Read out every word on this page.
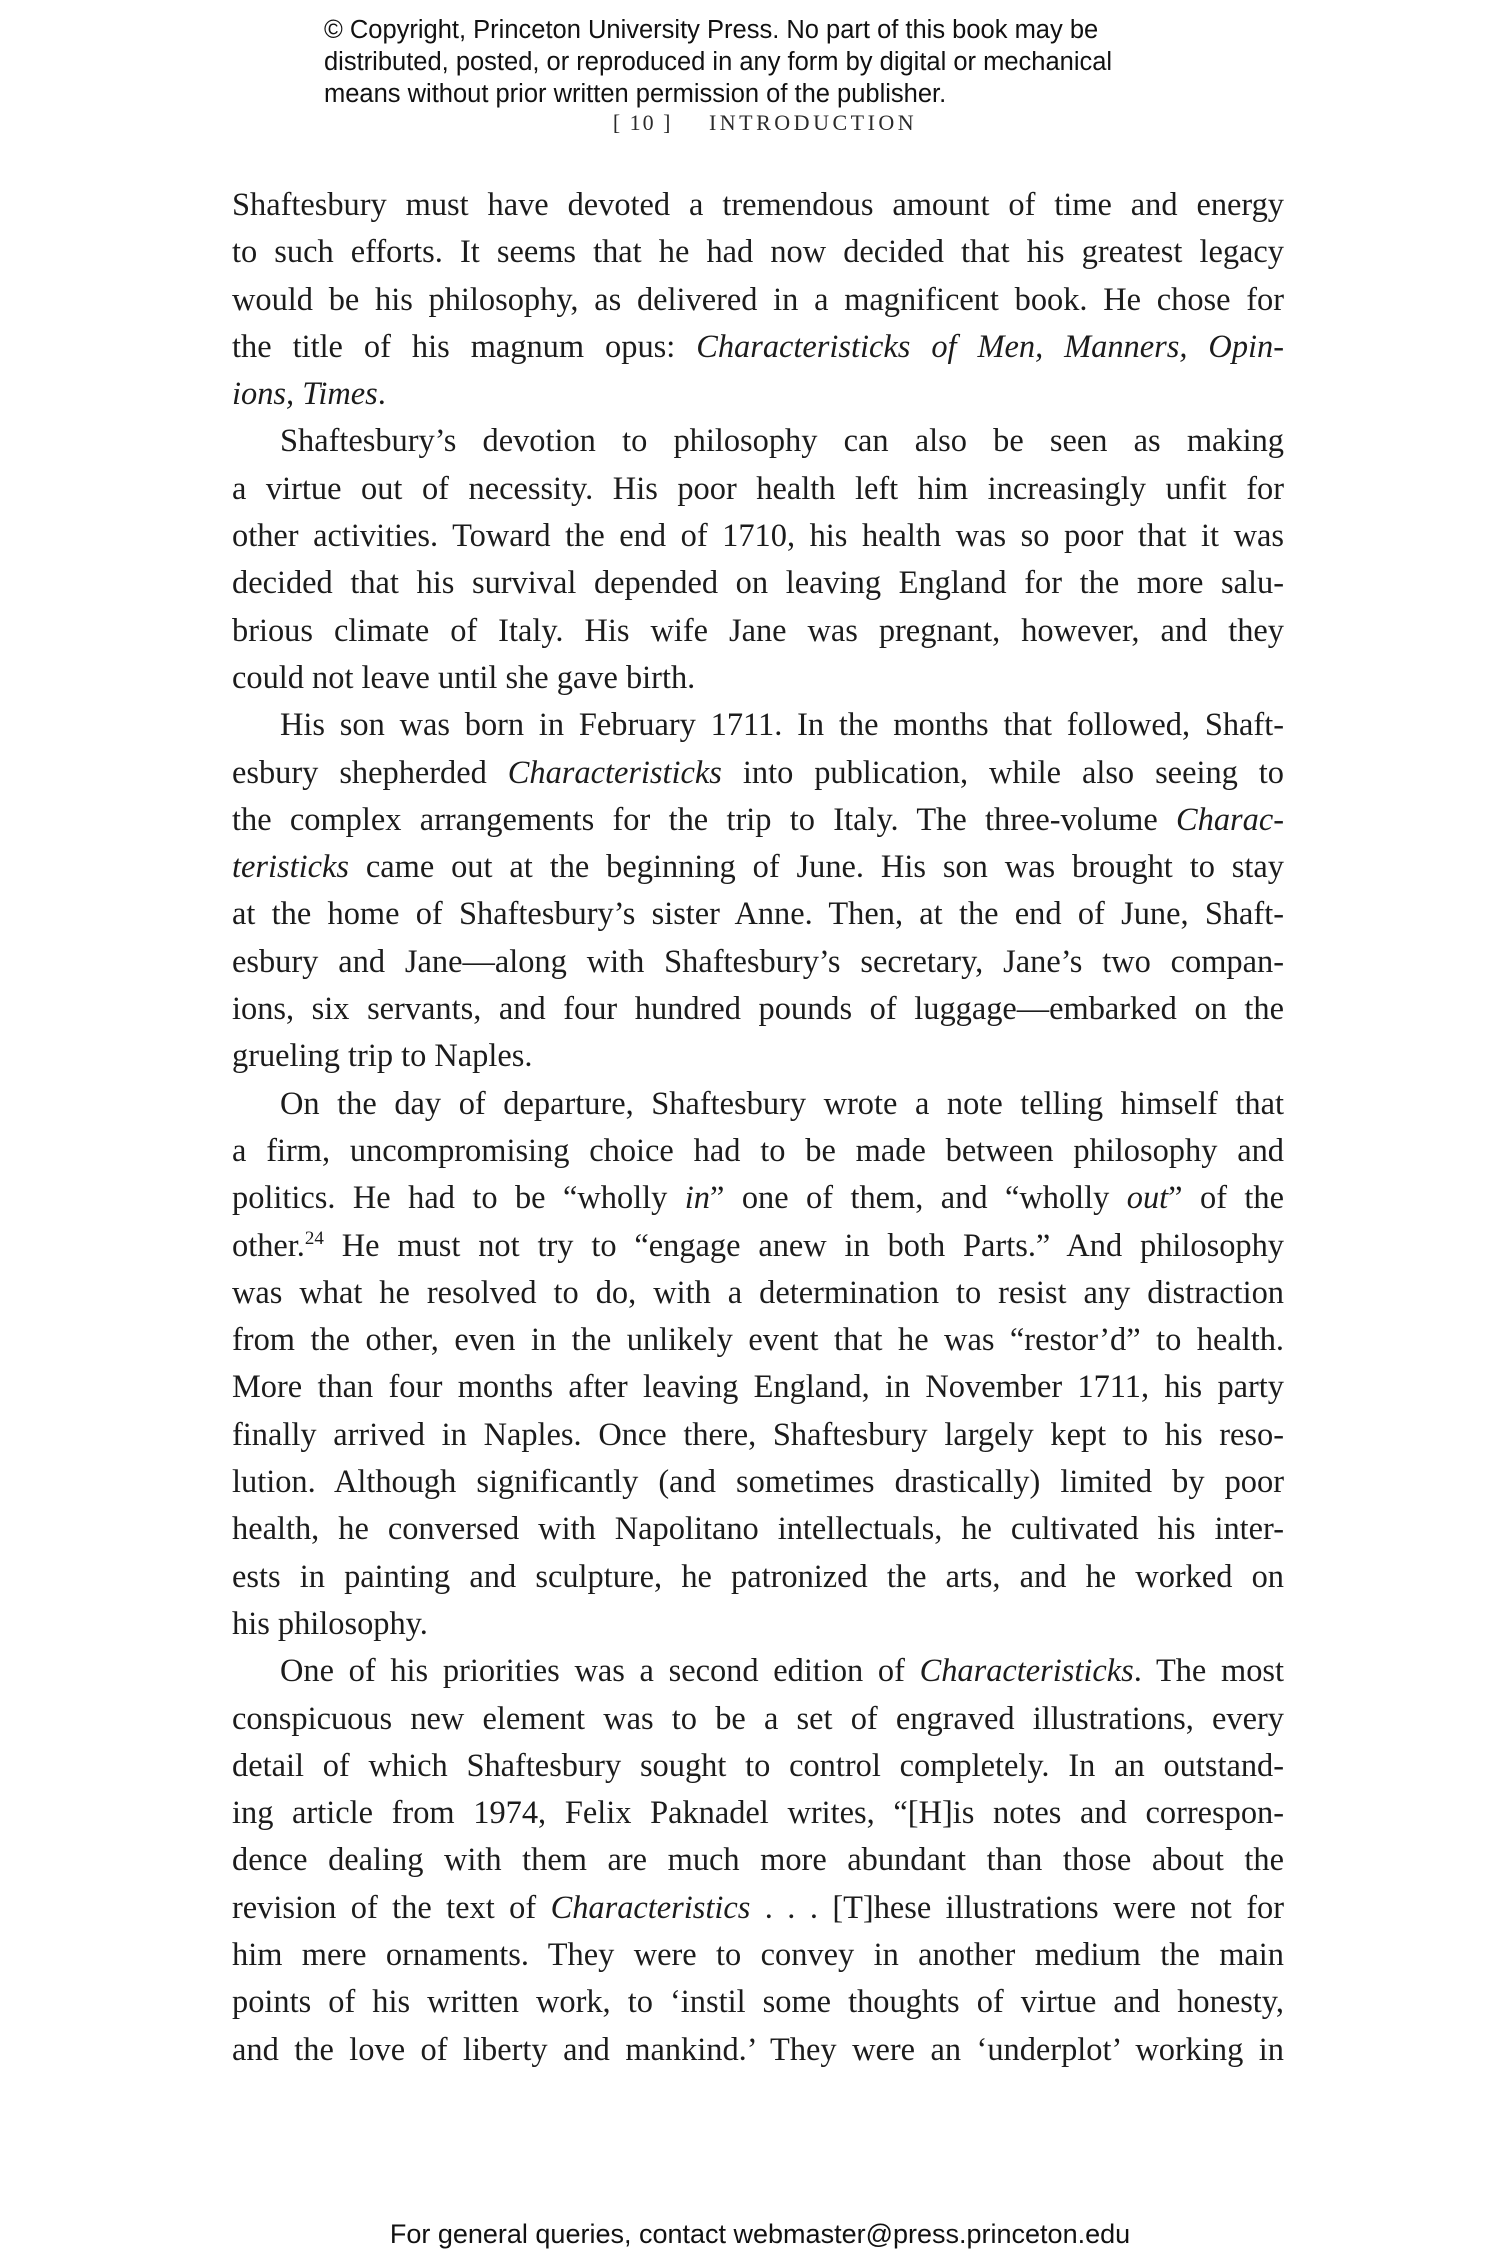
© Copyright, Princeton University Press. No part of this book may be
distributed, posted, or reproduced in any form by digital or mechanical
means without prior written permission of the publisher.
[ 10 ] INTRODUCTION
Shaftesbury must have devoted a tremendous amount of time and energy
to such efforts. It seems that he had now decided that his greatest legacy
would be his philosophy, as delivered in a magnificent book. He chose for
the title of his magnum opus: Characteristicks of Men, Manners, Opin-
ions, Times.
Shaftesbury’s devotion to philosophy can also be seen as making
a virtue out of necessity. His poor health left him increasingly unfit for
other activities. Toward the end of 1710, his health was so poor that it was
decided that his survival depended on leaving England for the more salu-
brious climate of Italy. His wife Jane was pregnant, however, and they
could not leave until she gave birth.
His son was born in February 1711. In the months that followed, Shaft-
esbury shepherded Characteristicks into publication, while also seeing to
the complex arrangements for the trip to Italy. The three-volume Charac-
teristicks came out at the beginning of June. His son was brought to stay
at the home of Shaftesbury’s sister Anne. Then, at the end of June, Shaft-
esbury and Jane—along with Shaftesbury’s secretary, Jane’s two compan-
ions, six servants, and four hundred pounds of luggage—embarked on the
grueling trip to Naples.
On the day of departure, Shaftesbury wrote a note telling himself that
a firm, uncompromising choice had to be made between philosophy and
politics. He had to be “wholly in” one of them, and “wholly out” of the
other.$^{24}$ He must not try to “engage anew in both Parts.” And philosophy
was what he resolved to do, with a determination to resist any distraction
from the other, even in the unlikely event that he was “restor’d” to health.
More than four months after leaving England, in November 1711, his party
finally arrived in Naples. Once there, Shaftesbury largely kept to his reso-
lution. Although significantly (and sometimes drastically) limited by poor
health, he conversed with Napolitano intellectuals, he cultivated his inter-
ests in painting and sculpture, he patronized the arts, and he worked on
his philosophy.
One of his priorities was a second edition of Characteristicks. The most
conspicuous new element was to be a set of engraved illustrations, every
detail of which Shaftesbury sought to control completely. In an outstand-
ing article from 1974, Felix Paknadel writes, “[H]is notes and correspon-
dence dealing with them are much more abundant than those about the
revision of the text of Characteristics . . . [T]hese illustrations were not for
him mere ornaments. They were to convey in another medium the main
points of his written work, to ‘instil some thoughts of virtue and honesty,
and the love of liberty and mankind.’ They were an ‘underplot’ working in
For general queries, contact webmaster@press.princeton.edu
